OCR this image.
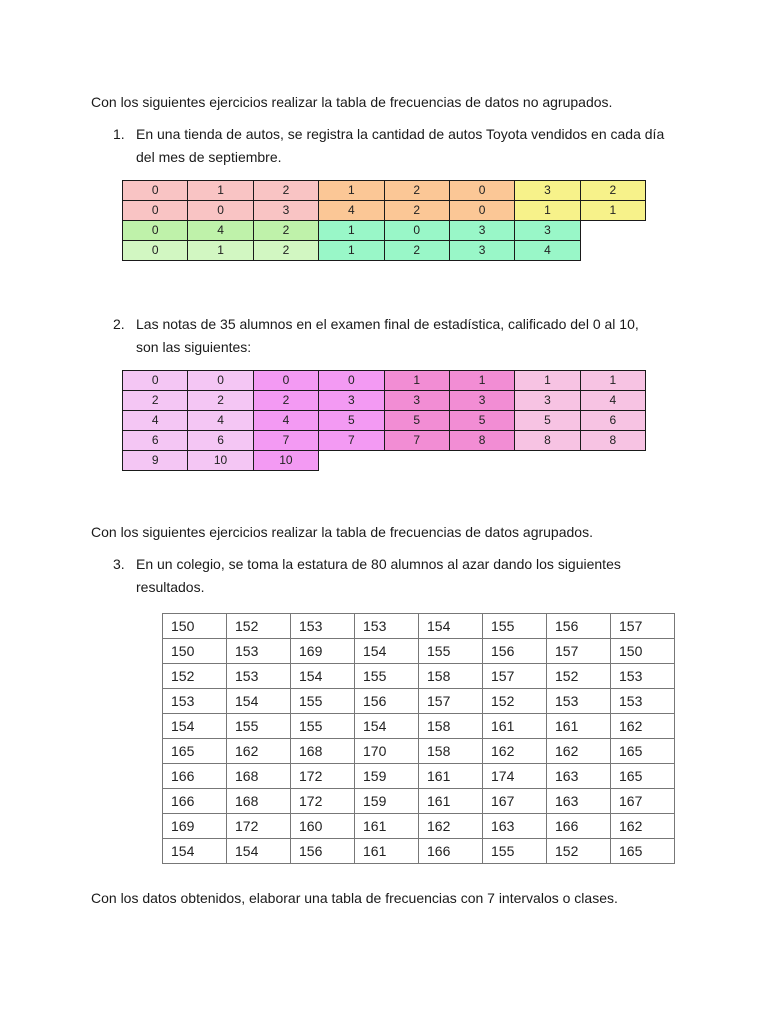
Con los siguientes ejercicios realizar la tabla de frecuencias de datos no agrupados.
1. En una tienda de autos, se registra la cantidad de autos Toyota vendidos en cada día
del mes de septiembre.
0	1	2	1	2	0	3	2
0	0	3	4	2	0	1	1
0	4	2	1	0	3	3	
0	1	2	1	2	3	4	
2. Las notas de 35 alumnos en el examen final de estadística, calificado del 0 al 10,
son las siguientes:
0	0	0	0	1	1	1	1
2	2	2	3	3	3	3	4
4	4	4	5	5	5	5	6
6	6	7	7	7	8	8	8
9	10	10					
Con los siguientes ejercicios realizar la tabla de frecuencias de datos agrupados.
3. En un colegio, se toma la estatura de 80 alumnos al azar dando los siguientes
resultados.
150	152	153	153	154	155	156	157
150	153	169	154	155	156	157	150
152	153	154	155	158	157	152	153
153	154	155	156	157	152	153	153
154	155	155	154	158	161	161	162
165	162	168	170	158	162	162	165
166	168	172	159	161	174	163	165
166	168	172	159	161	167	163	167
169	172	160	161	162	163	166	162
154	154	156	161	166	155	152	165
Con los datos obtenidos, elaborar una tabla de frecuencias con 7 intervalos o clases.
